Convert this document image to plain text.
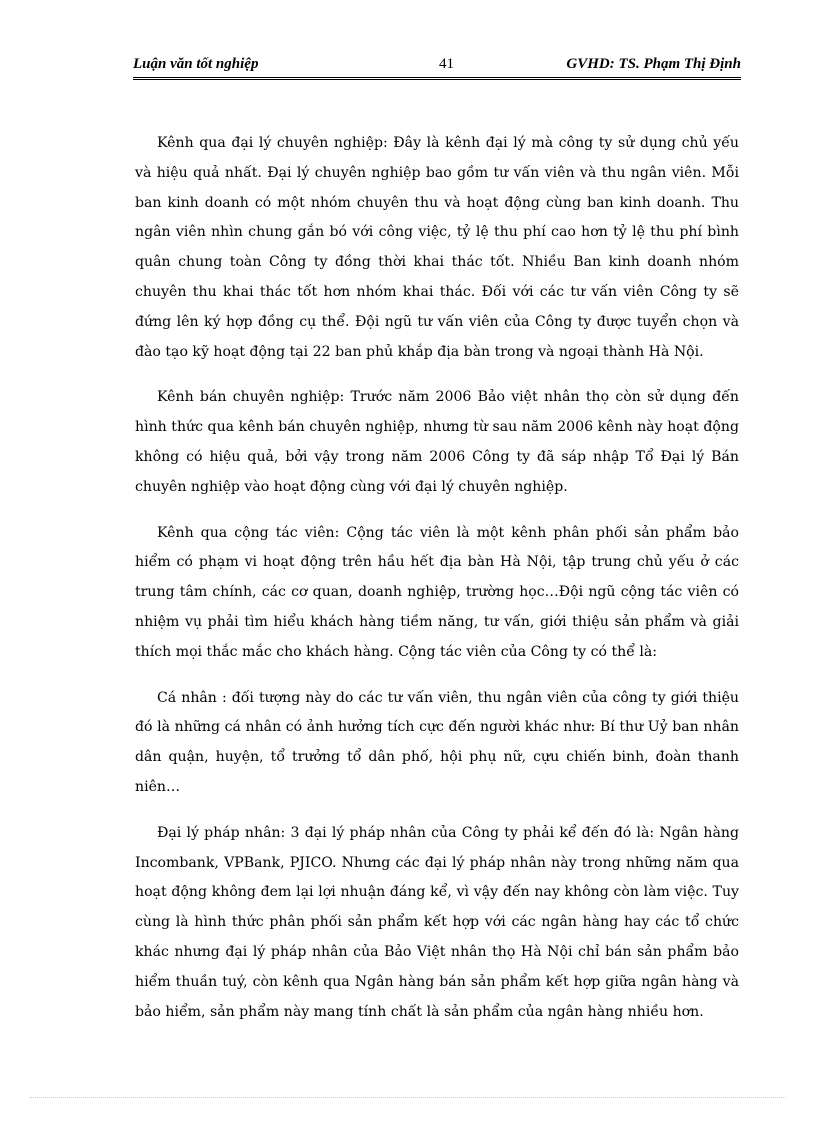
Luận văn tốt nghiệp	41	GVHD: TS. Phạm Thị Định

Kênh qua đại lý chuyên nghiệp: Đây là kênh đại lý mà công ty sử dụng chủ yếu và hiệu quả nhất. Đại lý chuyên nghiệp bao gồm tư vấn viên và thu ngân viên. Mỗi ban kinh doanh có một nhóm chuyên thu và hoạt động cùng ban kinh doanh. Thu ngân viên nhìn chung gắn bó với công việc, tỷ lệ thu phí cao hơn tỷ lệ thu phí bình quân chung toàn Công ty đồng thời khai thác tốt. Nhiều Ban kinh doanh nhóm chuyên thu khai thác tốt hơn nhóm khai thác. Đối với các tư vấn viên Công ty sẽ đứng lên ký hợp đồng cụ thể. Đội ngũ tư vấn viên của Công ty được tuyển chọn và đào tạo kỹ hoạt động tại 22 ban phủ khắp địa bàn trong và ngoại thành Hà Nội.

Kênh bán chuyên nghiệp: Trước năm 2006 Bảo việt nhân thọ còn sử dụng đến hình thức qua kênh bán chuyên nghiệp, nhưng từ sau năm 2006 kênh này hoạt động không có hiệu quả, bởi vậy trong năm 2006 Công ty đã sáp nhập Tổ Đại lý Bán chuyên nghiệp vào hoạt động cùng với đại lý chuyên nghiệp.

Kênh qua cộng tác viên: Cộng tác viên là một kênh phân phối sản phẩm bảo hiểm có phạm vi hoạt động trên hầu hết địa bàn Hà Nội, tập trung chủ yếu ở các trung tâm chính, các cơ quan, doanh nghiệp, trường học…Đội ngũ cộng tác viên có nhiệm vụ phải tìm hiểu khách hàng tiềm năng, tư vấn, giới thiệu sản phẩm và giải thích mọi thắc mắc cho khách hàng. Cộng tác viên của Công ty có thể là:

Cá nhân : đối tượng này do các tư vấn viên, thu ngân viên của công ty giới thiệu đó là những cá nhân có ảnh hưởng tích cực đến người khác như: Bí thư Uỷ ban nhân dân quận, huyện, tổ trưởng tổ dân phố, hội phụ nữ, cựu chiến binh, đoàn thanh niên…

Đại lý pháp nhân: 3 đại lý pháp nhân của Công ty phải kể đến đó là: Ngân hàng Incombank, VPBank, PJICO. Nhưng các đại lý pháp nhân này trong những năm qua hoạt động không đem lại lợi nhuận đáng kể, vì vậy đến nay không còn làm việc. Tuy cùng là hình thức phân phối sản phẩm kết hợp với các ngân hàng hay các tổ chức khác nhưng đại lý pháp nhân của Bảo Việt nhân thọ Hà Nội chỉ bán sản phẩm bảo hiểm thuần tuý, còn kênh qua Ngân hàng bán sản phẩm kết hợp giữa ngân hàng và bảo hiểm, sản phẩm này mang tính chất là sản phẩm của ngân hàng nhiều hơn.
